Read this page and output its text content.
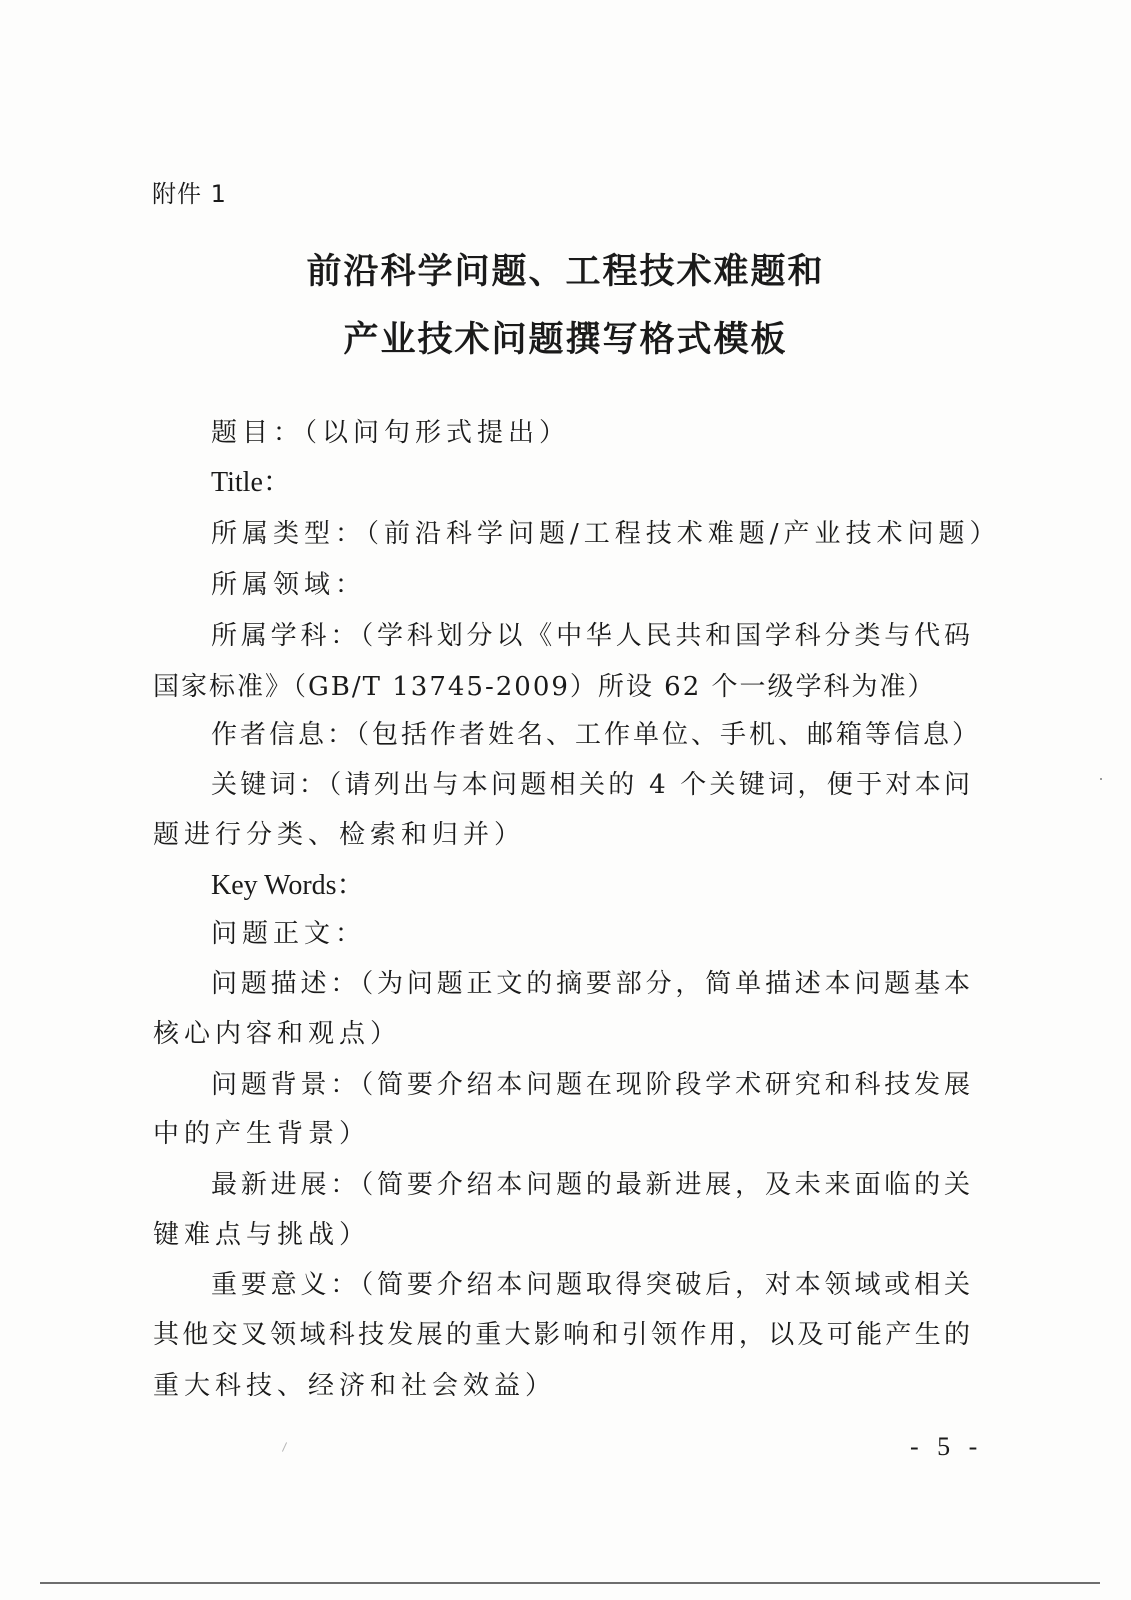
附件 1
前沿科学问题、工程技术难题和
产业技术问题撰写格式模板
题目：（以问句形式提出）
Title：
所属类型：（前沿科学问题/工程技术难题/产业技术问题）
所属领域：
所属学科：（学科划分以《中华人民共和国学科分类与代码
国家标准》（GB/T 13745-2009）所设 62 个一级学科为准）
作者信息：（包括作者姓名、工作单位、手机、邮箱等信息）
关键词：（请列出与本问题相关的 4 个关键词，便于对本问
题进行分类、检索和归并）
Key Words：
问题正文：
问题描述：（为问题正文的摘要部分，简单描述本问题基本
核心内容和观点）
问题背景：（简要介绍本问题在现阶段学术研究和科技发展
中的产生背景）
最新进展：（简要介绍本问题的最新进展，及未来面临的关
键难点与挑战）
重要意义：（简要介绍本问题取得突破后，对本领域或相关
其他交叉领域科技发展的重大影响和引领作用，以及可能产生的
重大科技、经济和社会效益）
- 5 -
